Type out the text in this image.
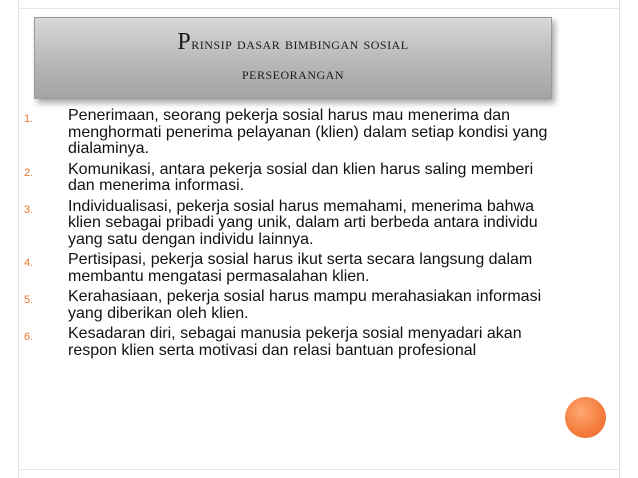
Prinsip dasar bimbingan sosial
perseorangan
1.	Penerimaan, seorang pekerja sosial harus mau menerima dan menghormati penerima pelayanan (klien) dalam setiap kondisi yang dialaminya.
2.	Komunikasi, antara pekerja sosial dan klien harus saling memberi dan menerima informasi.
3.	Individualisasi, pekerja sosial harus memahami, menerima bahwa klien sebagai pribadi yang unik, dalam arti berbeda antara individu yang satu dengan individu lainnya.
4.	Pertisipasi, pekerja sosial harus ikut serta secara langsung dalam membantu mengatasi permasalahan klien.
5.	Kerahasiaan, pekerja sosial harus mampu merahasiakan informasi yang diberikan oleh klien.
6.	Kesadaran diri, sebagai manusia pekerja sosial menyadari akan respon klien serta motivasi dan relasi bantuan profesional
